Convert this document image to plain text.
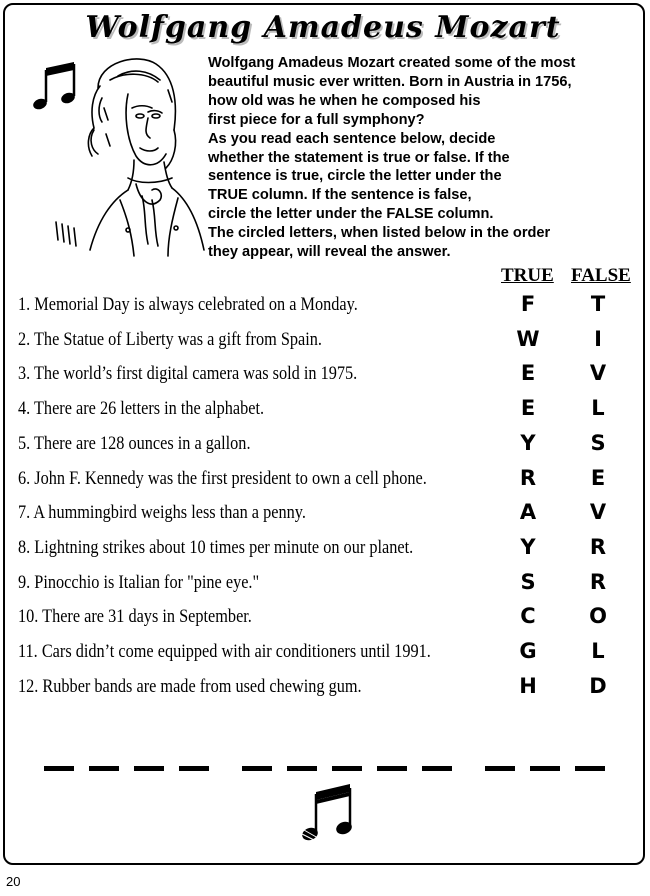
Wolfgang Amadeus Mozart

Wolfgang Amadeus Mozart created some of the most
beautiful music ever written. Born in Austria in 1756,
how old was he when he composed his
first piece for a full symphony?

As you read each sentence below, decide
whether the statement is true or false. If the
sentence is true, circle the letter under the
TRUE column. If the sentence is false,
circle the letter under the FALSE column.

The circled letters, when listed below in the order
they appear, will reveal the answer.

TRUE FALSE
1. Memorial Day is always celebrated on a Monday.	F	T
2. The Statue of Liberty was a gift from Spain.	W	I
3. The world’s first digital camera was sold in 1975.	E	V
4. There are 26 letters in the alphabet.	E	L
5. There are 128 ounces in a gallon.	Y	S
6. John F. Kennedy was the first president to own a cell phone.	R	E
7. A hummingbird weighs less than a penny.	A	V
8. Lightning strikes about 10 times per minute on our planet.	Y	R
9. Pinocchio is Italian for "pine eye."	S	R
10. There are 31 days in September.	C	O
11. Cars didn’t come equipped with air conditioners until 1991.	G	L
12. Rubber bands are made from used chewing gum.	H	D
20
